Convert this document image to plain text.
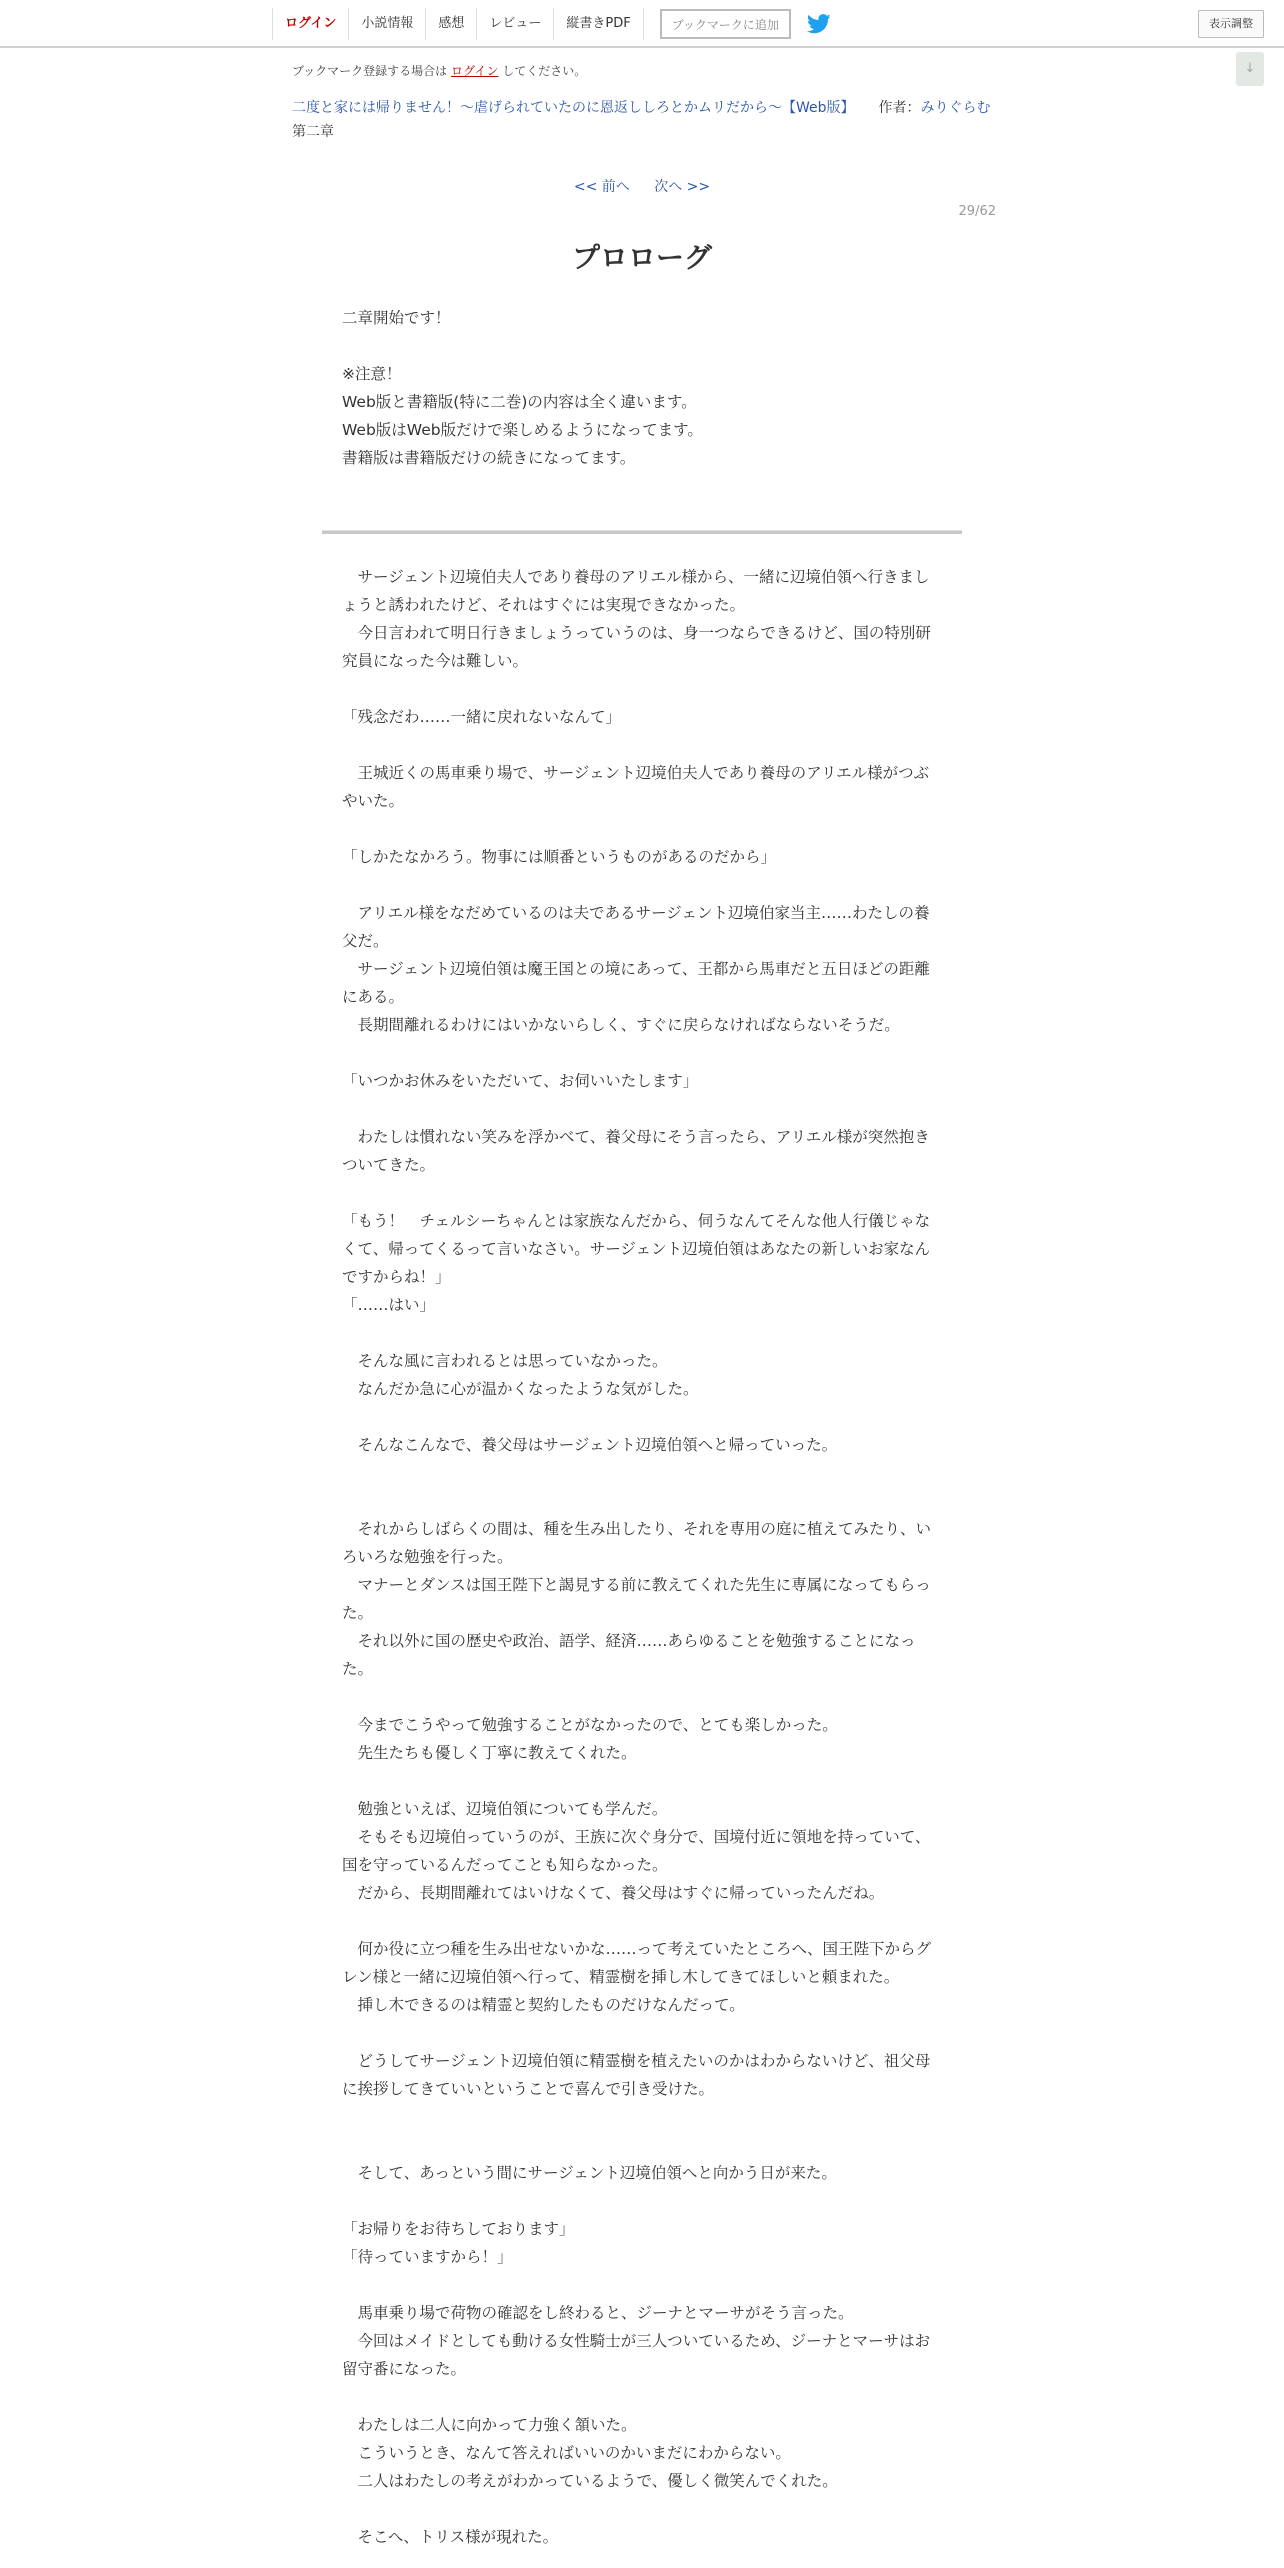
ログイン	小説情報	感想	レビュー	縦書きPDF	ブックマークに追加	表示調整
↓
ブックマーク登録する場合は ログイン してください。
二度と家には帰りません！～虐げられていたのに恩返ししろとかムリだから～【Web版】 作者：みりぐらむ
第二章
<< 前へ 次へ >>
29/62
プロローグ

二章開始です！

※注意！

Web版と書籍版(特に二巻)の内容は全く違います。

Web版はWeb版だけで楽しめるようになってます。

書籍版は書籍版だけの続きになってます。

　サージェント辺境伯夫人であり養母のアリエル様から、一緒に辺境伯領へ行きましょうと誘われたけど、それはすぐには実現できなかった。

　今日言われて明日行きましょうっていうのは、身一つならできるけど、国の特別研究員になった今は難しい。

「残念だわ……一緒に戻れないなんて」

　王城近くの馬車乗り場で、サージェント辺境伯夫人であり養母のアリエル様がつぶやいた。

「しかたなかろう。物事には順番というものがあるのだから」

　アリエル様をなだめているのは夫であるサージェント辺境伯家当主……わたしの養父だ。

　サージェント辺境伯領は魔王国との境にあって、王都から馬車だと五日ほどの距離にある。

　長期間離れるわけにはいかないらしく、すぐに戻らなければならないそうだ。

「いつかお休みをいただいて、お伺いいたします」

　わたしは慣れない笑みを浮かべて、養父母にそう言ったら、アリエル様が突然抱きついてきた。

「もう！　チェルシーちゃんとは家族なんだから、伺うなんてそんな他人行儀じゃなくて、帰ってくるって言いなさい。サージェント辺境伯領はあなたの新しいお家なんですからね！」

「……はい」

　そんな風に言われるとは思っていなかった。

　なんだか急に心が温かくなったような気がした。

　そんなこんなで、養父母はサージェント辺境伯領へと帰っていった。

　それからしばらくの間は、種を生み出したり、それを専用の庭に植えてみたり、いろいろな勉強を行った。

　マナーとダンスは国王陛下と謁見する前に教えてくれた先生に専属になってもらった。

　それ以外に国の歴史や政治、語学、経済……あらゆることを勉強することになった。

　今までこうやって勉強することがなかったので、とても楽しかった。

　先生たちも優しく丁寧に教えてくれた。

　勉強といえば、辺境伯領についても学んだ。

　そもそも辺境伯っていうのが、王族に次ぐ身分で、国境付近に領地を持っていて、国を守っているんだってことも知らなかった。

　だから、長期間離れてはいけなくて、養父母はすぐに帰っていったんだね。

　何か役に立つ種を生み出せないかな……って考えていたところへ、国王陛下からグレン様と一緒に辺境伯領へ行って、精霊樹を挿し木してきてほしいと頼まれた。

　挿し木できるのは精霊と契約したものだけなんだって。

　どうしてサージェント辺境伯領に精霊樹を植えたいのかはわからないけど、祖父母に挨拶してきていいということで喜んで引き受けた。

　そして、あっという間にサージェント辺境伯領へと向かう日が来た。

「お帰りをお待ちしております」

「待っていますから！」

　馬車乗り場で荷物の確認をし終わると、ジーナとマーサがそう言った。

　今回はメイドとしても動ける女性騎士が三人ついているため、ジーナとマーサはお留守番になった。

　わたしは二人に向かって力強く頷いた。

　こういうとき、なんて答えればいいのかいまだにわからない。

　二人はわたしの考えがわかっているようで、優しく微笑んでくれた。

　そこへ、トリス様が現れた。
